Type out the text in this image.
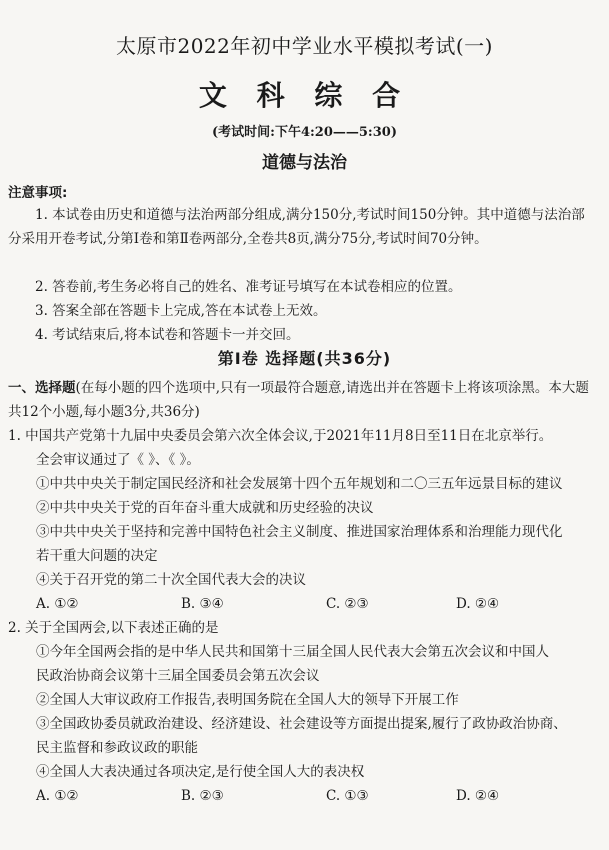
太原市2022年初中学业水平模拟考试(一)
文 科 综 合
(考试时间:下午4:20——5:30)
道德与法治
注意事项:
1. 本试卷由历史和道德与法治两部分组成,满分150分,考试时间150分钟。其中道德与法治部分采用开卷考试,分第Ⅰ卷和第Ⅱ卷两部分,全卷共8页,满分75分,考试时间70分钟。
2. 答卷前,考生务必将自己的姓名、准考证号填写在本试卷相应的位置。
3. 答案全部在答题卡上完成,答在本试卷上无效。
4. 考试结束后,将本试卷和答题卡一并交回。
第Ⅰ卷 选择题(共36分)
一、选择题(在每小题的四个选项中,只有一项最符合题意,请选出并在答题卡上将该项涂黑。本大题共12个小题,每小题3分,共36分)
1. 中国共产党第十九届中央委员会第六次全体会议,于2021年11月8日至11日在北京举行。
全会审议通过了《 》、《 》。
①中共中央关于制定国民经济和社会发展第十四个五年规划和二〇三五年远景目标的建议
②中共中央关于党的百年奋斗重大成就和历史经验的决议
③中共中央关于坚持和完善中国特色社会主义制度、推进国家治理体系和治理能力现代化
若干重大问题的决定
④关于召开党的第二十次全国代表大会的决议
A. ①②	B. ③④	C. ②③	D. ②④
2. 关于全国两会,以下表述正确的是
①今年全国两会指的是中华人民共和国第十三届全国人民代表大会第五次会议和中国人
民政治协商会议第十三届全国委员会第五次会议
②全国人大审议政府工作报告,表明国务院在全国人大的领导下开展工作
③全国政协委员就政治建设、经济建设、社会建设等方面提出提案,履行了政协政治协商、
民主监督和参政议政的职能
④全国人大表决通过各项决定,是行使全国人大的表决权
A. ①②	B. ②③	C. ①③	D. ②④
